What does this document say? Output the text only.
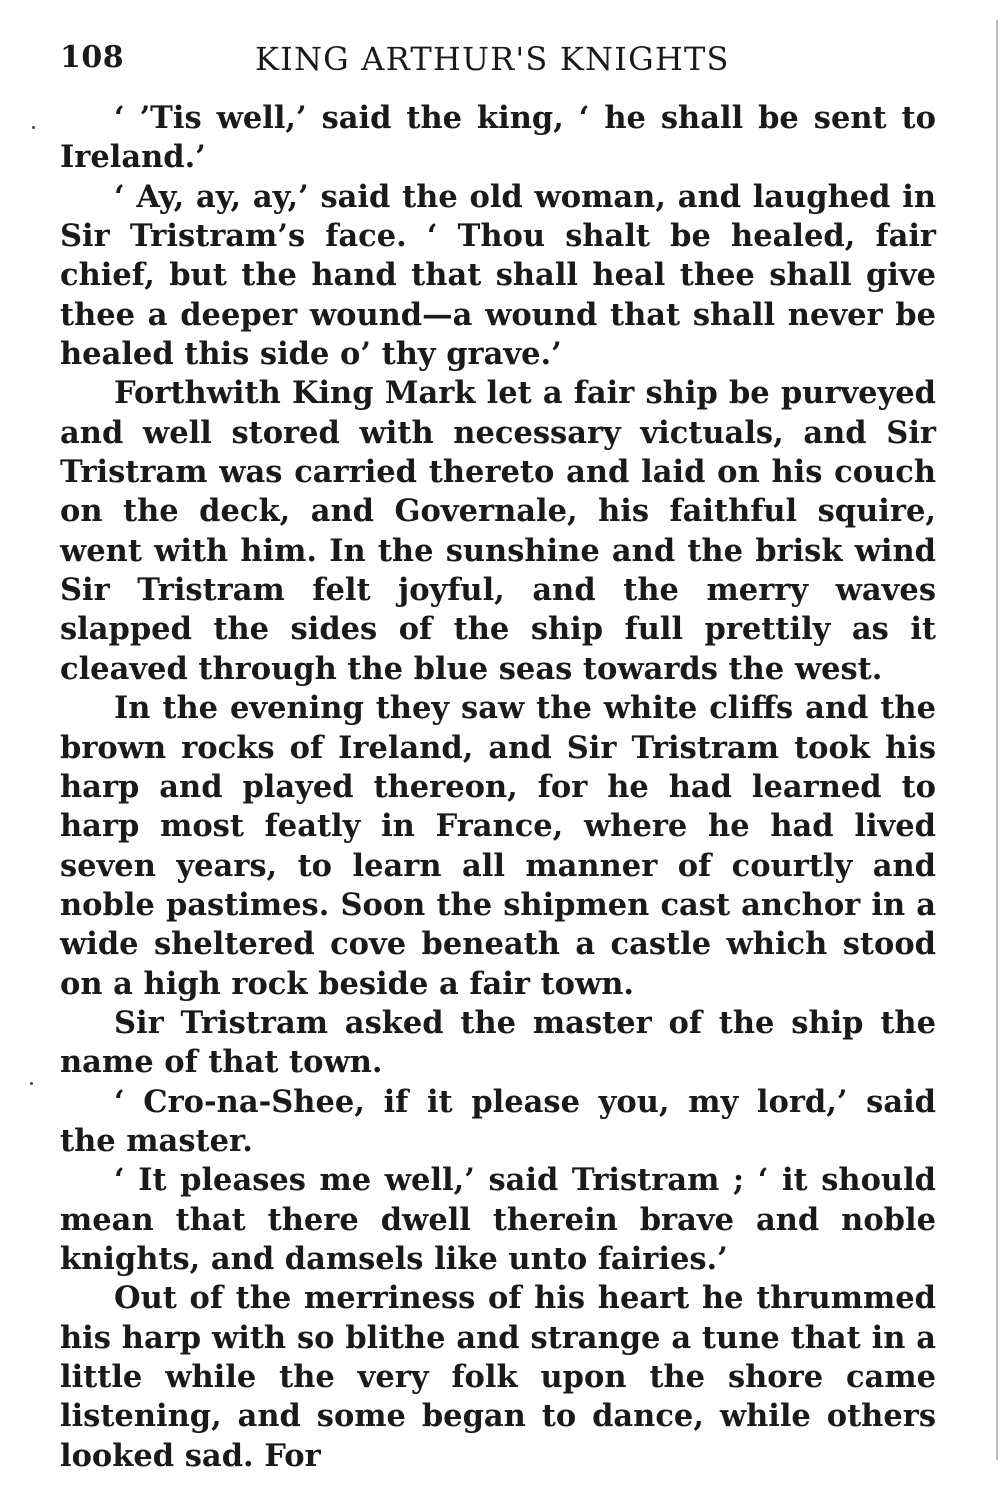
108	KING ARTHUR'S KNIGHTS

‘ ’Tis well,’ said the king, ‘ he shall be sent to Ireland.’

‘ Ay, ay, ay,’ said the old woman, and laughed in Sir Tristram’s face. ‘ Thou shalt be healed, fair chief, but the hand that shall heal thee shall give thee a deeper wound—a wound that shall never be healed this side o’ thy grave.’

Forthwith King Mark let a fair ship be purveyed and well stored with necessary victuals, and Sir Tristram was carried thereto and laid on his couch on the deck, and Governale, his faithful squire, went with him. In the sunshine and the brisk wind Sir Tristram felt joyful, and the merry waves slapped the sides of the ship full prettily as it cleaved through the blue seas towards the west.

In the evening they saw the white cliffs and the brown rocks of Ireland, and Sir Tristram took his harp and played thereon, for he had learned to harp most featly in France, where he had lived seven years, to learn all manner of courtly and noble pastimes. Soon the shipmen cast anchor in a wide sheltered cove beneath a castle which stood on a high rock beside a fair town.

Sir Tristram asked the master of the ship the name of that town.

‘ Cro-na-Shee, if it please you, my lord,’ said the master.

‘ It pleases me well,’ said Tristram ; ‘ it should mean that there dwell therein brave and noble knights, and damsels like unto fairies.’

Out of the merriness of his heart he thrummed his harp with so blithe and strange a tune that in a little while the very folk upon the shore came listening, and some began to dance, while others looked sad. For
